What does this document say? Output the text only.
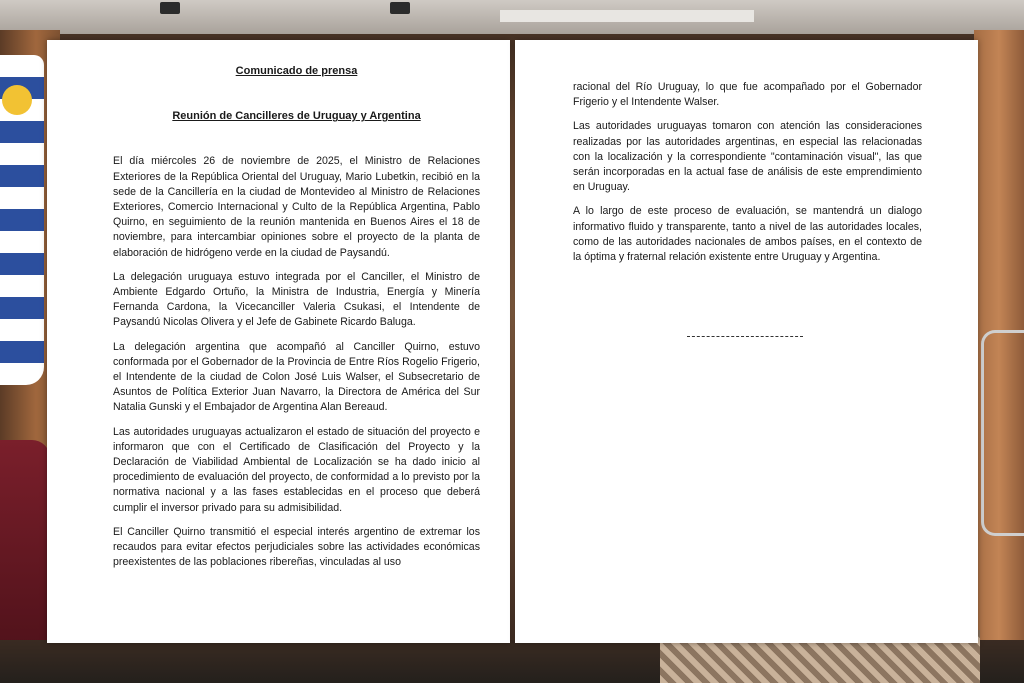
Comunicado de prensa

Reunión de Cancilleres de Uruguay y Argentina

El día miércoles 26 de noviembre de 2025, el Ministro de Relaciones Exteriores de la República Oriental del Uruguay, Mario Lubetkin, recibió en la sede de la Cancillería en la ciudad de Montevideo al Ministro de Relaciones Exteriores, Comercio Internacional y Culto de la República Argentina, Pablo Quirno, en seguimiento de la reunión mantenida en Buenos Aires el 18 de noviembre, para intercambiar opiniones sobre el proyecto de la planta de elaboración de hidrógeno verde en la ciudad de Paysandú.

La delegación uruguaya estuvo integrada por el Canciller, el Ministro de Ambiente Edgardo Ortuño, la Ministra de Industria, Energía y Minería Fernanda Cardona, la Vicecanciller Valeria Csukasi, el Intendente de Paysandú Nicolas Olivera y el Jefe de Gabinete Ricardo Baluga.

La delegación argentina que acompañó al Canciller Quirno, estuvo conformada por el Gobernador de la Provincia de Entre Ríos Rogelio Frigerio, el Intendente de la ciudad de Colon José Luis Walser, el Subsecretario de Asuntos de Política Exterior Juan Navarro, la Directora de América del Sur Natalia Gunski y el Embajador de Argentina Alan Bereaud.

Las autoridades uruguayas actualizaron el estado de situación del proyecto e informaron que con el Certificado de Clasificación del Proyecto y la Declaración de Viabilidad Ambiental de Localización se ha dado inicio al procedimiento de evaluación del proyecto, de conformidad a lo previsto por la normativa nacional y a las fases establecidas en el proceso que deberá cumplir el inversor privado para su admisibilidad.

El Canciller Quirno transmitió el especial interés argentino de extremar los recaudos para evitar efectos perjudiciales sobre las actividades económicas preexistentes de las poblaciones ribereñas, vinculadas al uso

racional del Río Uruguay, lo que fue acompañado por el Gobernador Frigerio y el Intendente Walser.

Las autoridades uruguayas tomaron con atención las consideraciones realizadas por las autoridades argentinas, en especial las relacionadas con la localización y la correspondiente "contaminación visual", las que serán incorporadas en la actual fase de análisis de este emprendimiento en Uruguay.

A lo largo de este proceso de evaluación, se mantendrá un dialogo informativo fluido y transparente, tanto a nivel de las autoridades locales, como de las autoridades nacionales de ambos países, en el contexto de la óptima y fraternal relación existente entre Uruguay y Argentina.
